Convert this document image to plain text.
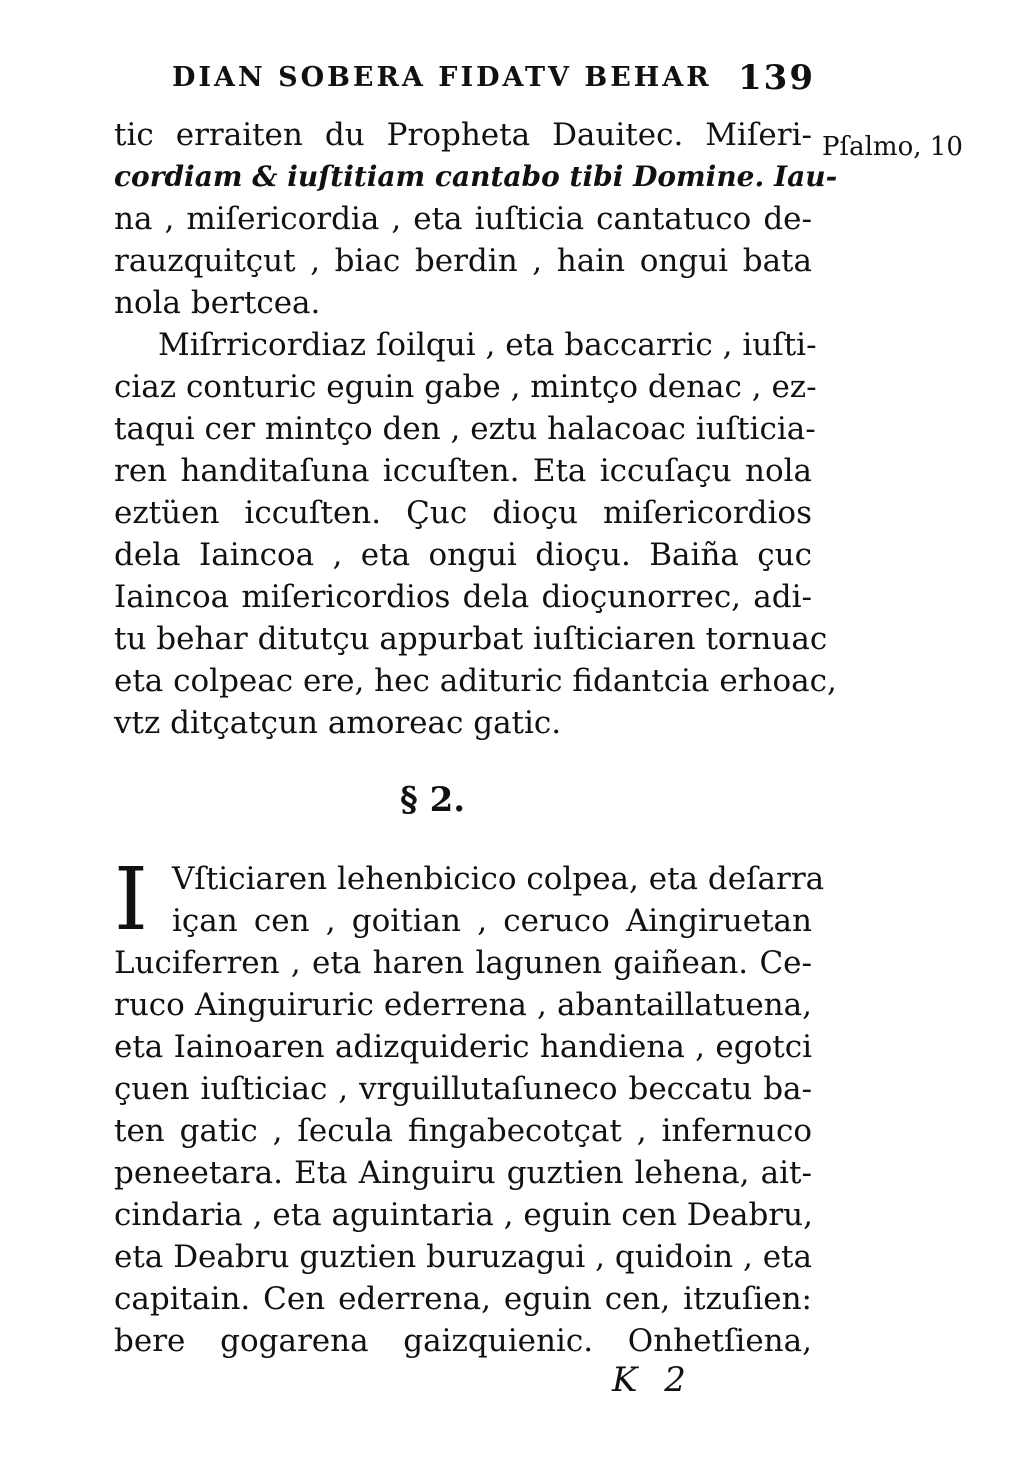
DIAN SOBERA FIDATV BEHAR 139
Pſalmo, 10
tic erraiten du Propheta Dauitec. Miſeri-
cordiam & iuſtitiam cantabo tibi Domine. Iau-
na , miſericordia , eta iuſticia cantatuco de-
rauzquitçut , biac berdin , hain ongui bata
nola bertcea.
Miſrricordiaz ſoilqui , eta baccarric , iuſti-
ciaz conturic eguin gabe , mintço denac , ez-
taqui cer mintço den , eztu halacoac iuſticia-
ren handitaſuna iccuſten. Eta iccuſaçu nola
eztüen iccuſten. Çuc dioçu miſericordios
dela Iaincoa , eta ongui dioçu. Baiña çuc
Iaincoa miſericordios dela dioçunorrec, adi-
tu behar ditutçu appurbat iuſticiaren tornuac
eta colpeac ere, hec adituric fidantcia erhoac,
vtz ditçatçun amoreac gatic.
§ 2.
I Vſticiaren lehenbicico colpea, eta deſarra
içan cen , goitian , ceruco Aingiruetan
Luciferren , eta haren lagunen gaiñean. Ce-
ruco Ainguiruric ederrena , abantaillatuena,
eta Iainoaren adizquideric handiena , egotci
çuen iuſticiac , vrguillutaſuneco beccatu ba-
ten gatic , ſecula fingabecotçat , infernuco
peneetara. Eta Ainguiru guztien lehena, ait-
cindaria , eta aguintaria , eguin cen Deabru,
eta Deabru guztien buruzagui , quidoin , eta
capitain. Cen ederrena, eguin cen, itzuſien:
bere gogarena gaizquienic. Onhetſiena,
K 2
